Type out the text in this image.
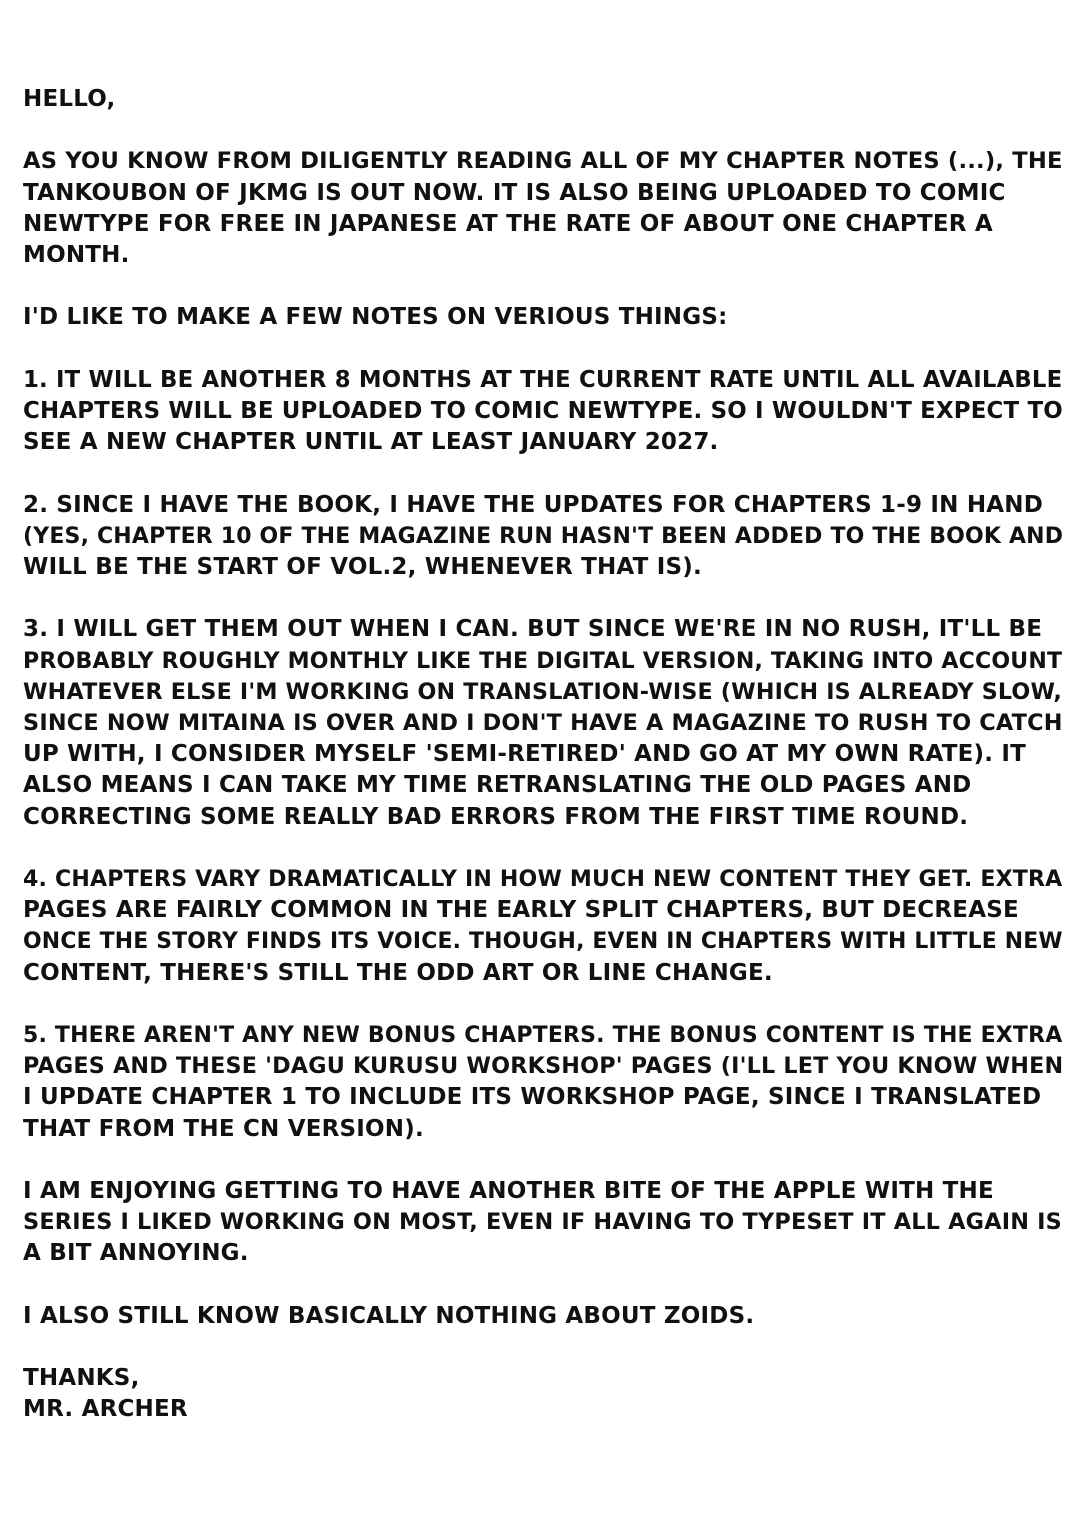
HELLO,

AS YOU KNOW FROM DILIGENTLY READING ALL OF MY CHAPTER NOTES (...), THE
TANKOUBON OF JKMG IS OUT NOW. IT IS ALSO BEING UPLOADED TO COMIC
NEWTYPE FOR FREE IN JAPANESE AT THE RATE OF ABOUT ONE CHAPTER A
MONTH.

I'D LIKE TO MAKE A FEW NOTES ON VERIOUS THINGS:

1. IT WILL BE ANOTHER 8 MONTHS AT THE CURRENT RATE UNTIL ALL AVAILABLE
CHAPTERS WILL BE UPLOADED TO COMIC NEWTYPE. SO I WOULDN'T EXPECT TO
SEE A NEW CHAPTER UNTIL AT LEAST JANUARY 2027.

2. SINCE I HAVE THE BOOK, I HAVE THE UPDATES FOR CHAPTERS 1-9 IN HAND
(YES, CHAPTER 10 OF THE MAGAZINE RUN HASN'T BEEN ADDED TO THE BOOK AND
WILL BE THE START OF VOL.2, WHENEVER THAT IS).

3. I WILL GET THEM OUT WHEN I CAN. BUT SINCE WE'RE IN NO RUSH, IT'LL BE
PROBABLY ROUGHLY MONTHLY LIKE THE DIGITAL VERSION, TAKING INTO ACCOUNT
WHATEVER ELSE I'M WORKING ON TRANSLATION-WISE (WHICH IS ALREADY SLOW,
SINCE NOW MITAINA IS OVER AND I DON'T HAVE A MAGAZINE TO RUSH TO CATCH
UP WITH, I CONSIDER MYSELF 'SEMI-RETIRED' AND GO AT MY OWN RATE). IT
ALSO MEANS I CAN TAKE MY TIME RETRANSLATING THE OLD PAGES AND
CORRECTING SOME REALLY BAD ERRORS FROM THE FIRST TIME ROUND.

4. CHAPTERS VARY DRAMATICALLY IN HOW MUCH NEW CONTENT THEY GET. EXTRA
PAGES ARE FAIRLY COMMON IN THE EARLY SPLIT CHAPTERS, BUT DECREASE
ONCE THE STORY FINDS ITS VOICE. THOUGH, EVEN IN CHAPTERS WITH LITTLE NEW
CONTENT, THERE'S STILL THE ODD ART OR LINE CHANGE.

5. THERE AREN'T ANY NEW BONUS CHAPTERS. THE BONUS CONTENT IS THE EXTRA
PAGES AND THESE 'DAGU KURUSU WORKSHOP' PAGES (I'LL LET YOU KNOW WHEN
I UPDATE CHAPTER 1 TO INCLUDE ITS WORKSHOP PAGE, SINCE I TRANSLATED
THAT FROM THE CN VERSION).

I AM ENJOYING GETTING TO HAVE ANOTHER BITE OF THE APPLE WITH THE
SERIES I LIKED WORKING ON MOST, EVEN IF HAVING TO TYPESET IT ALL AGAIN IS
A BIT ANNOYING.

I ALSO STILL KNOW BASICALLY NOTHING ABOUT ZOIDS.

THANKS,
MR. ARCHER
